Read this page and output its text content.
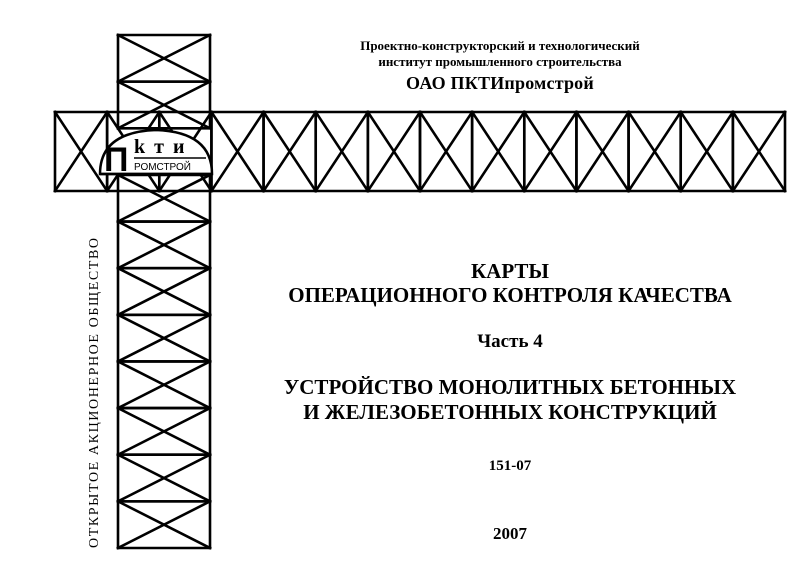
П k т и
РОМСТРОЙ
Проектно-конструкторский и технологический
институт промышленного строительства
ОАО ПКТИпромстрой
КАРТЫ
ОПЕРАЦИОННОГО КОНТРОЛЯ КАЧЕСТВА
Часть 4
УСТРОЙСТВО МОНОЛИТНЫХ БЕТОННЫХ
И ЖЕЛЕЗОБЕТОННЫХ КОНСТРУКЦИЙ
151-07
2007
ОТКРЫТОЕ АКЦИОНЕРНОЕ ОБЩЕСТВО
